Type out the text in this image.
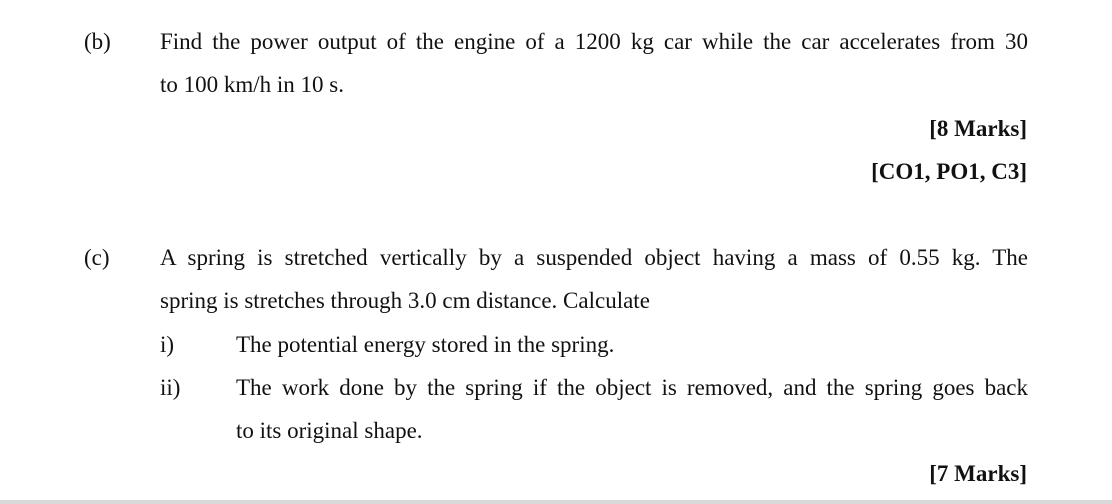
(b) Find the power output of the engine of a 1200 kg car while the car accelerates from 30
to 100 km/h in 10 s.
[8 Marks]
[CO1, PO1, C3]
(c) A spring is stretched vertically by a suspended object having a mass of 0.55 kg. The
spring is stretches through 3.0 cm distance. Calculate
i)	The potential energy stored in the spring.
ii) The work done by the spring if the object is removed, and the spring goes back
to its original shape.
[7 Marks]
